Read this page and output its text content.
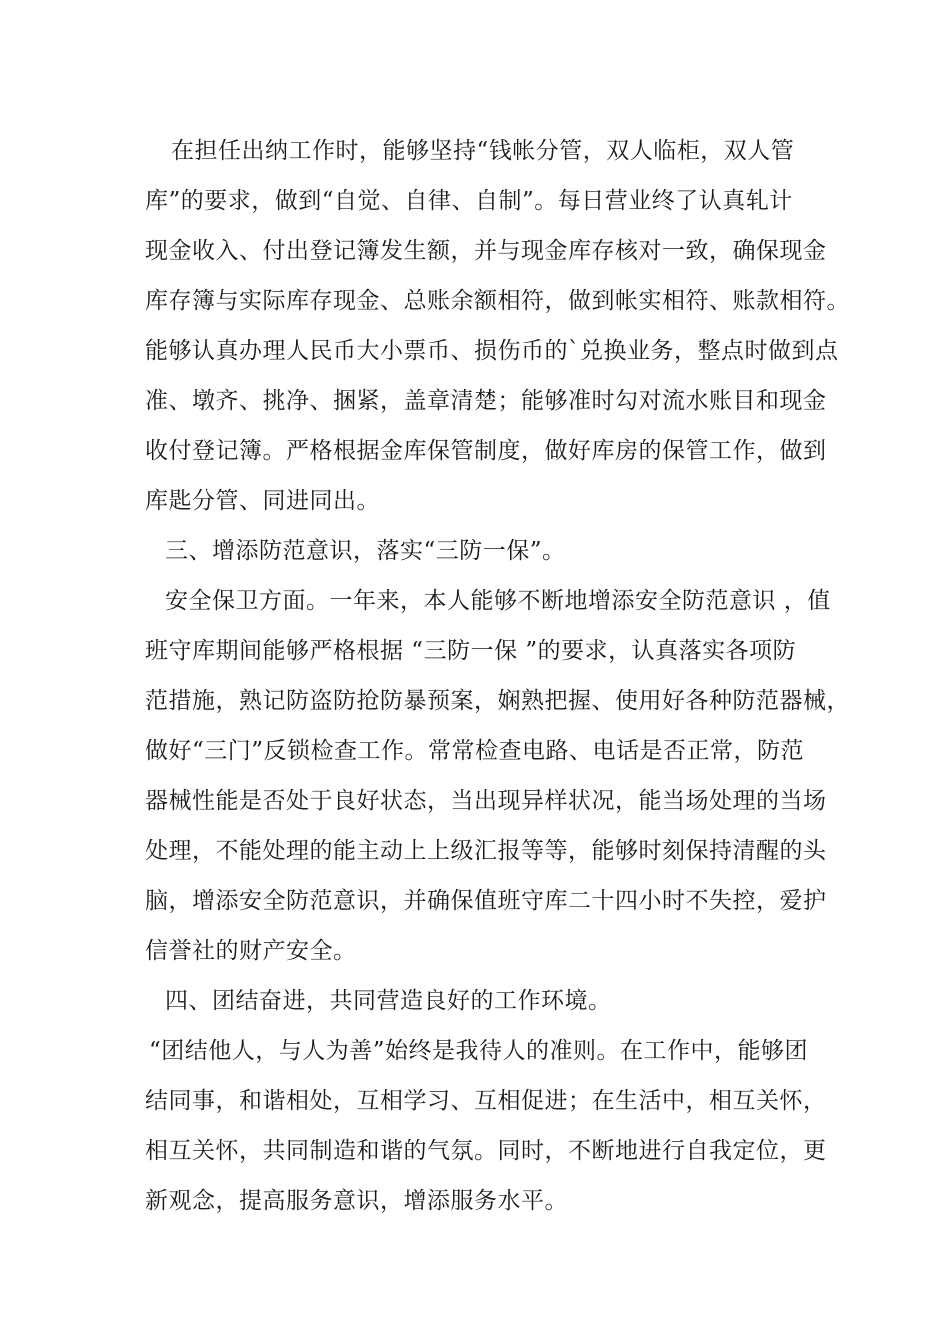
在担任出纳工作时，能够坚持“钱帐分管，双人临柜，双人管
库”的要求，做到“自觉、自律、自制”。每日营业终了认真轧计
现金收入、付出登记簿发生额，并与现金库存核对一致，确保现金
库存簿与实际库存现金、总账余额相符，做到帐实相符、账款相符。
能够认真办理人民币大小票币、损伤币的`兑换业务，整点时做到点
准、墩齐、挑净、捆紧，盖章清楚；能够准时勾对流水账目和现金
收付登记簿。严格根据金库保管制度，做好库房的保管工作，做到
库匙分管、同进同出。
三、增添防范意识，落实“三防一保”。
安全保卫方面。一年来，本人能够不断地增添安全防范意识 ，值
班守库期间能够严格根据 “三防一保 ”的要求，认真落实各项防
范措施，熟记防盗防抢防暴预案，娴熟把握、使用好各种防范器械，
做好“三门”反锁检查工作。常常检查电路、电话是否正常，防范
器械性能是否处于良好状态，当出现异样状况，能当场处理的当场
处理，不能处理的能主动上上级汇报等等，能够时刻保持清醒的头
脑，增添安全防范意识，并确保值班守库二十四小时不失控，爱护
信誉社的财产安全。
四、团结奋进，共同营造良好的工作环境。
“团结他人，与人为善”始终是我待人的准则。在工作中，能够团
结同事，和谐相处，互相学习、互相促进；在生活中，相互关怀，
相互关怀，共同制造和谐的气氛。同时，不断地进行自我定位，更
新观念，提高服务意识，增添服务水平。
